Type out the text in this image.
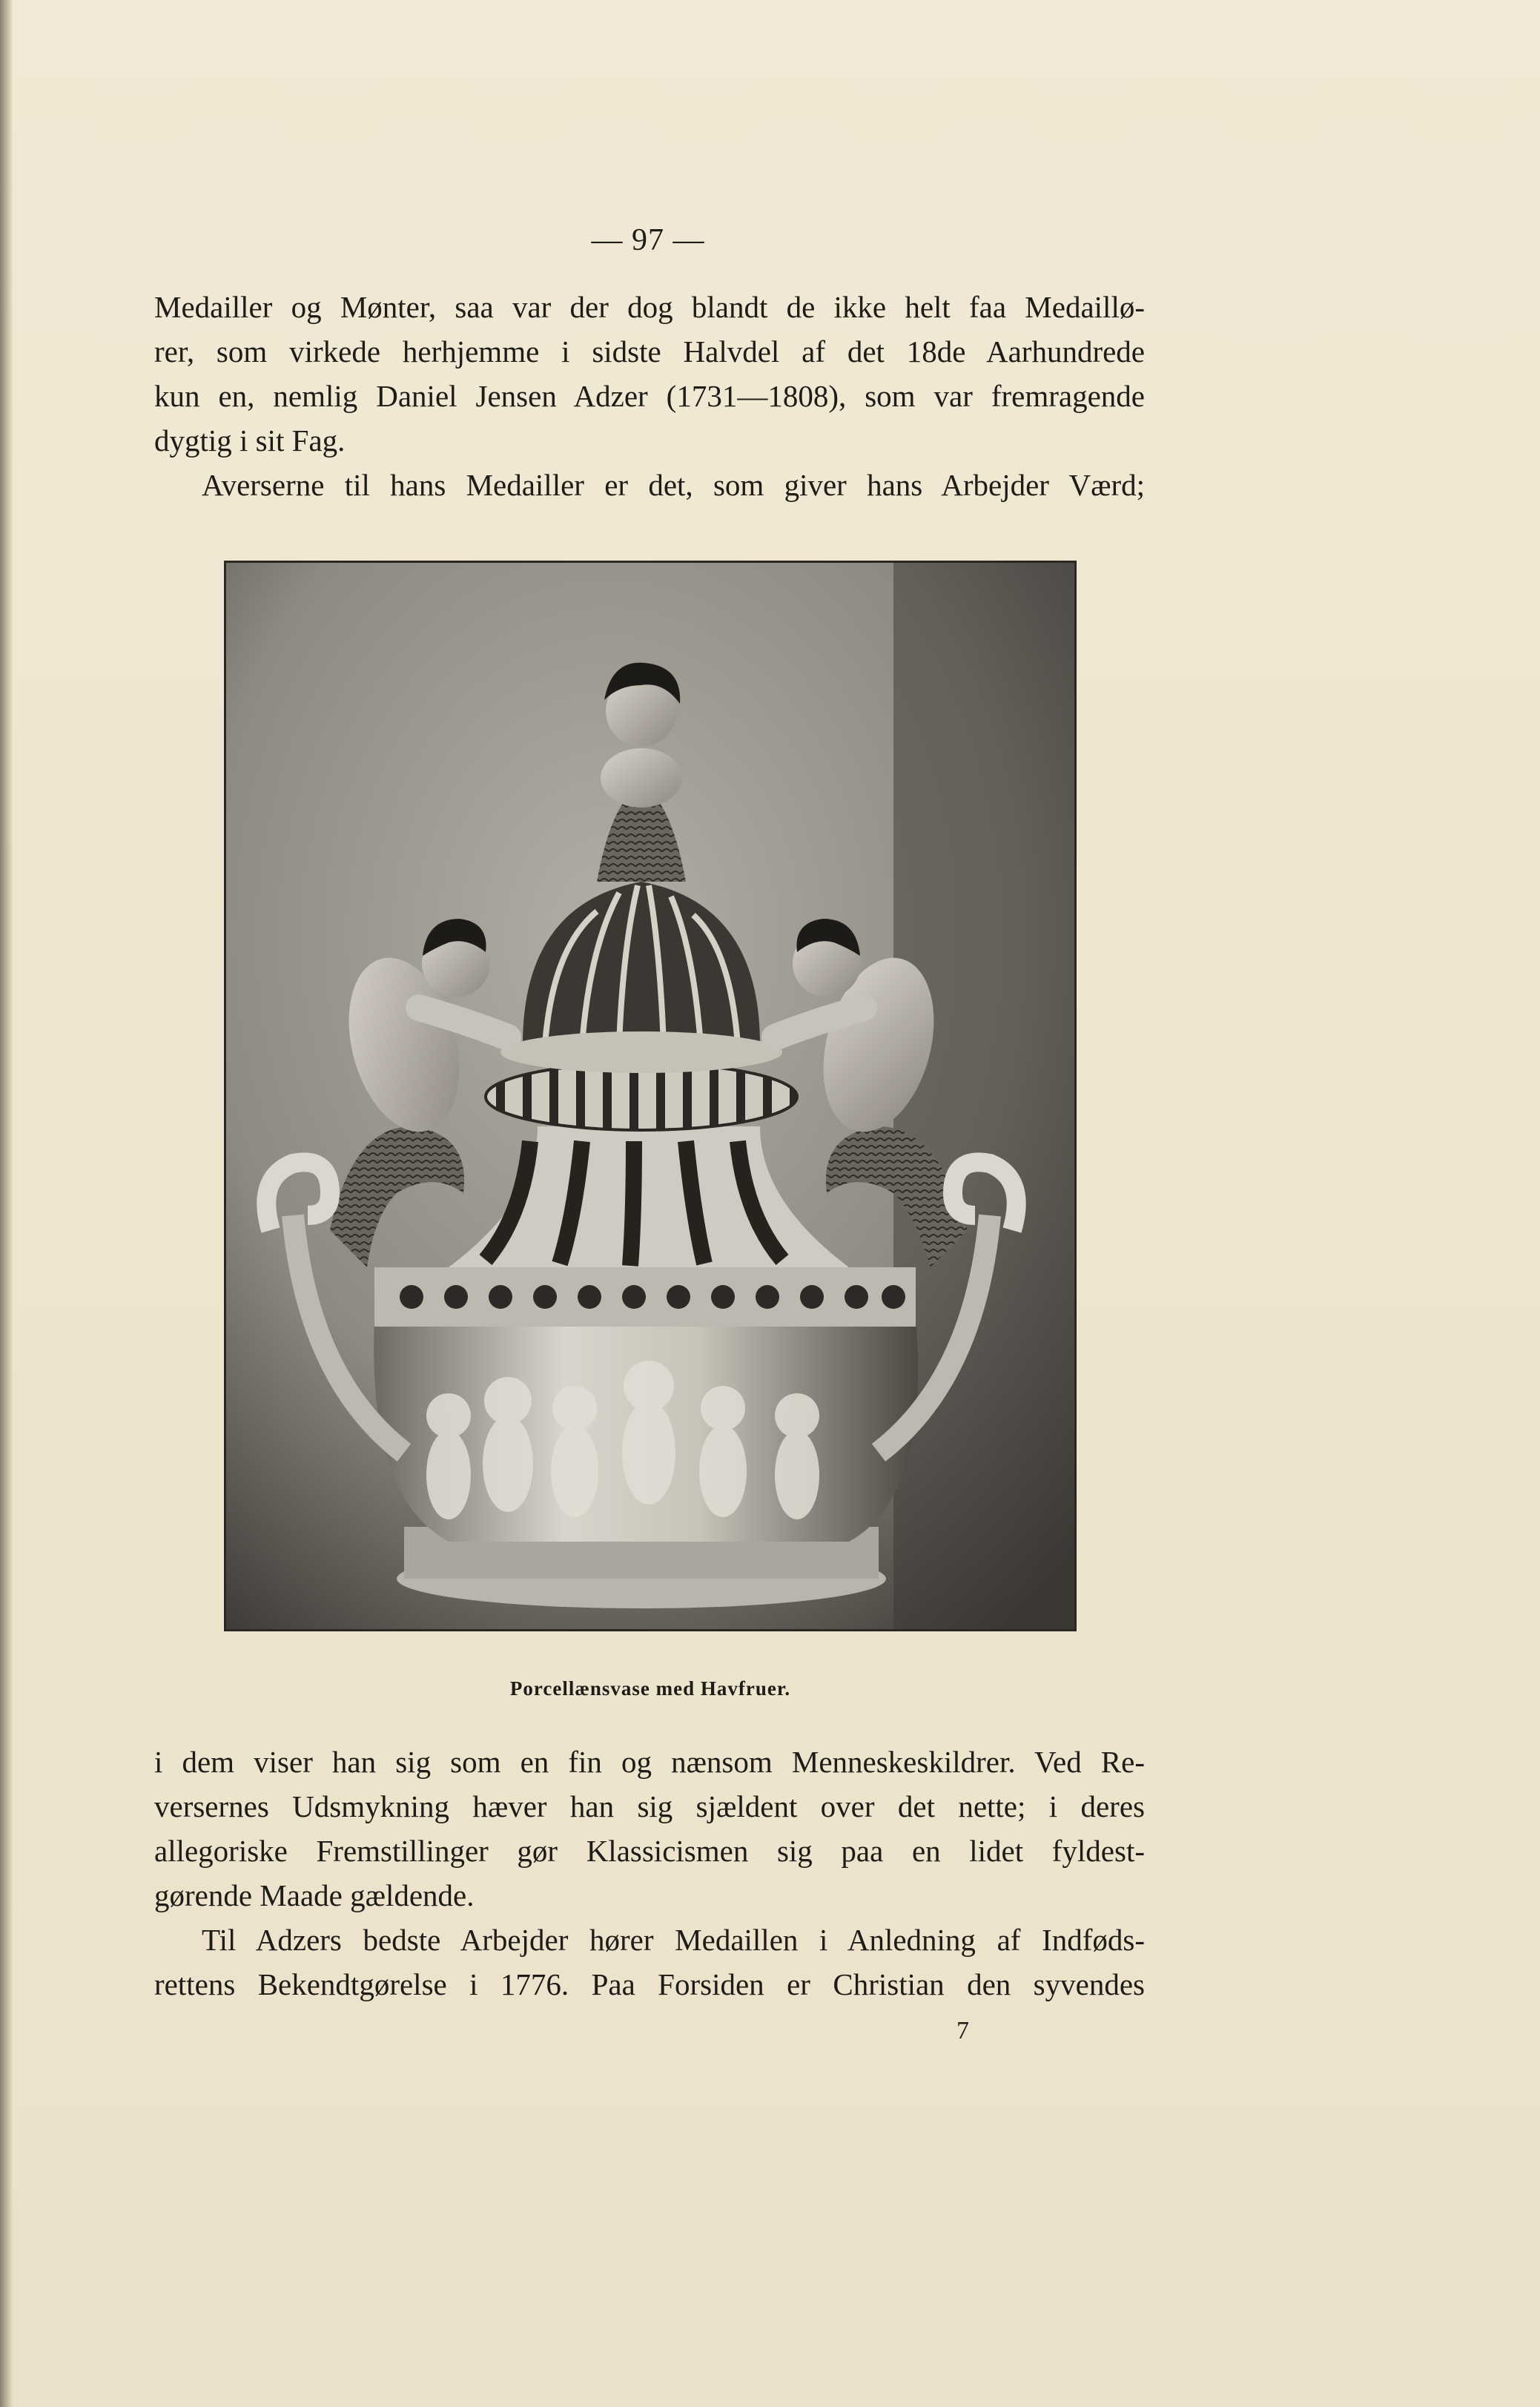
— 97 —
Medailler og Mønter, saa var der dog blandt de ikke helt faa Medaillø-
rer, som virkede herhjemme i sidste Halvdel af det 18de Aarhundrede
kun en, nemlig Daniel Jensen Adzer (1731—1808), som var fremragende
dygtig i sit Fag.
Averserne til hans Medailler er det, som giver hans Arbejder Værd;
Porcellænsvase med Havfruer.
i dem viser han sig som en fin og nænsom Menneskeskildrer. Ved Re-
versernes Udsmykning hæver han sig sjældent over det nette; i deres
allegoriske Fremstillinger gør Klassicismen sig paa en lidet fyldest-
gørende Maade gældende.
Til Adzers bedste Arbejder hører Medaillen i Anledning af Indføds-
rettens Bekendtgørelse i 1776. Paa Forsiden er Christian den syvendes
7
